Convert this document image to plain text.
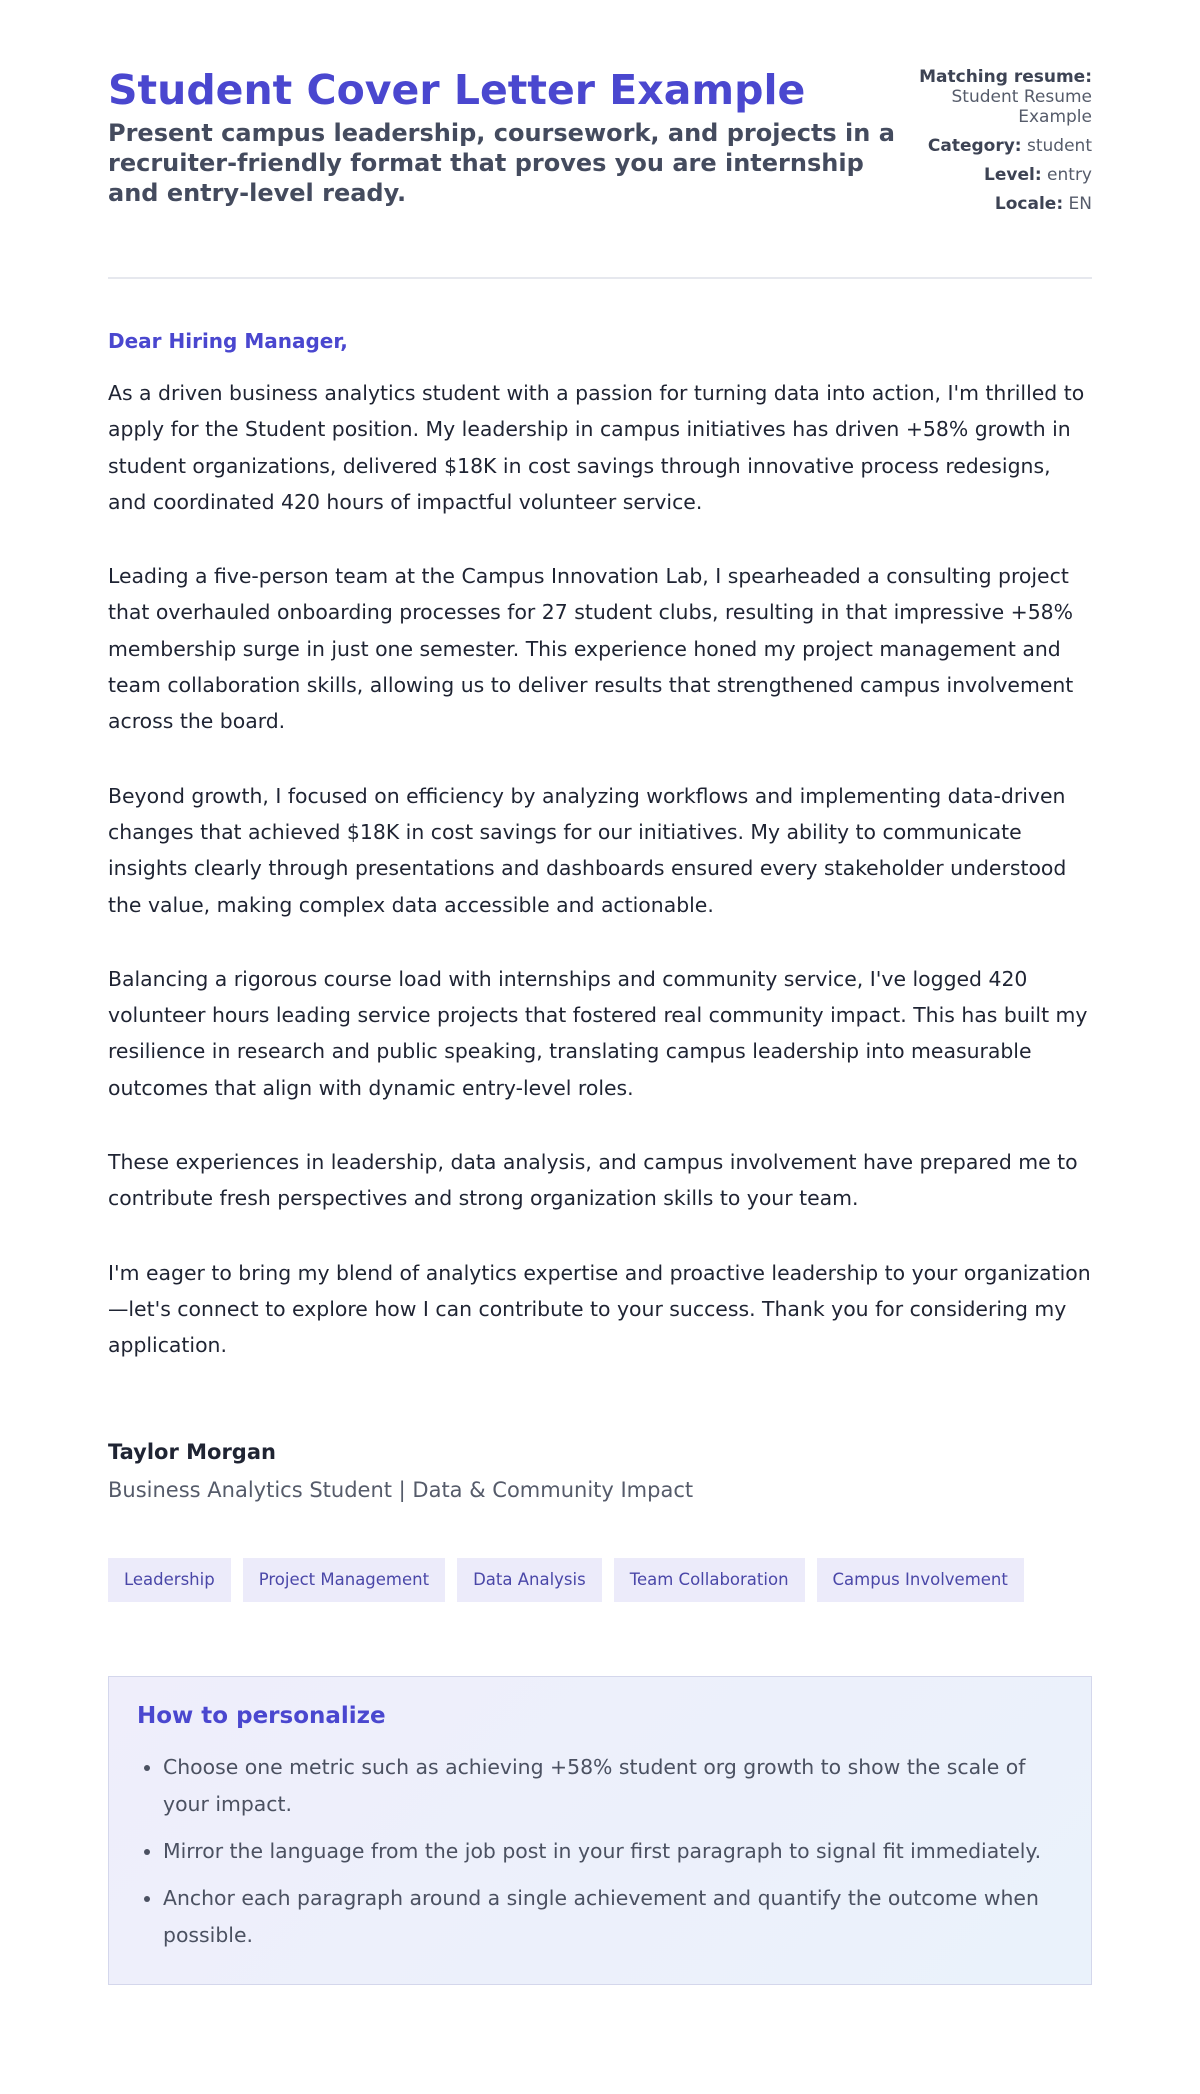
Student Cover Letter Example

Present campus leadership, coursework, and projects in a recruiter-friendly format that proves you are internship and entry-level ready.

Matching resume: Student Resume Example
Category: student
Level: entry
Locale: EN

Dear Hiring Manager,

As a driven business analytics student with a passion for turning data into action, I'm thrilled to apply for the Student position. My leadership in campus initiatives has driven +58% growth in student organizations, delivered $18K in cost savings through innovative process redesigns, and coordinated 420 hours of impactful volunteer service.

Leading a five-person team at the Campus Innovation Lab, I spearheaded a consulting project that overhauled onboarding processes for 27 student clubs, resulting in that impressive +58% membership surge in just one semester. This experience honed my project management and team collaboration skills, allowing us to deliver results that strengthened campus involvement across the board.

Beyond growth, I focused on efficiency by analyzing workflows and implementing data-driven changes that achieved $18K in cost savings for our initiatives. My ability to communicate insights clearly through presentations and dashboards ensured every stakeholder understood the value, making complex data accessible and actionable.

Balancing a rigorous course load with internships and community service, I've logged 420 volunteer hours leading service projects that fostered real community impact. This has built my resilience in research and public speaking, translating campus leadership into measurable outcomes that align with dynamic entry-level roles.

These experiences in leadership, data analysis, and campus involvement have prepared me to contribute fresh perspectives and strong organization skills to your team.

I'm eager to bring my blend of analytics expertise and proactive leadership to your organization—let's connect to explore how I can contribute to your success. Thank you for considering my application.

Taylor Morgan
Business Analytics Student | Data & Community Impact
Leadership	Project Management	Data Analysis	Team Collaboration	Campus Involvement
How to personalize
• Choose one metric such as achieving +58% student org growth to show the scale of your impact.
• Mirror the language from the job post in your first paragraph to signal fit immediately.
• Anchor each paragraph around a single achievement and quantify the outcome when possible.
